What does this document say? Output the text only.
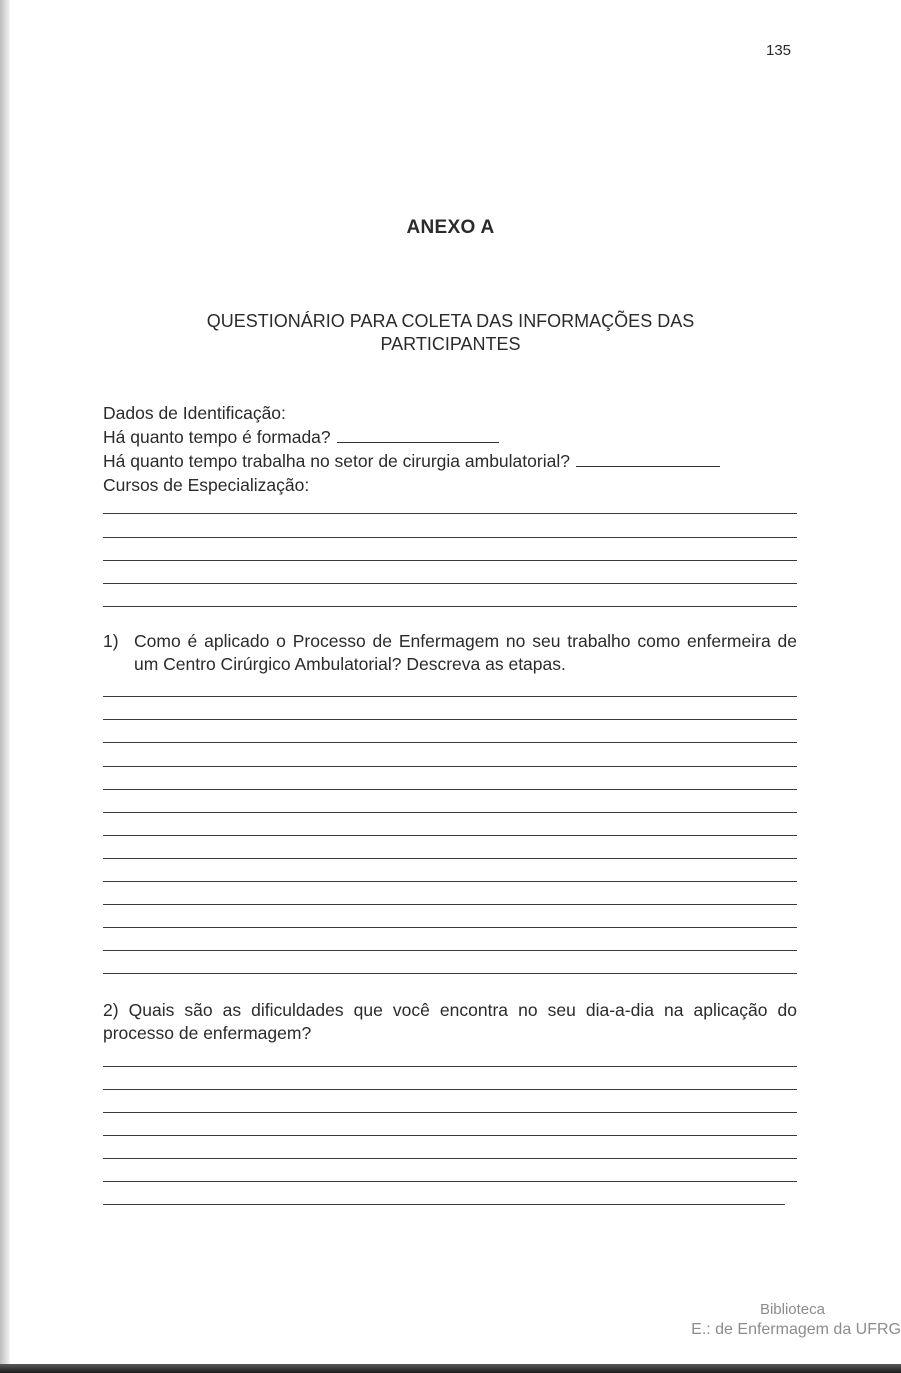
135
ANEXO A
QUESTIONÁRIO PARA COLETA DAS INFORMAÇÕES DAS PARTICIPANTES
Dados de Identificação:
Há quanto tempo é formada?
Há quanto tempo trabalha no setor de cirurgia ambulatorial?
Cursos de Especialização:
1) Como é aplicado o Processo de Enfermagem no seu trabalho como enfermeira de um Centro Cirúrgico Ambulatorial? Descreva as etapas.
2) Quais são as dificuldades que você encontra no seu dia-a-dia na aplicação do processo de enfermagem?
Biblioteca
E.: de Enfermagem da UFRG
